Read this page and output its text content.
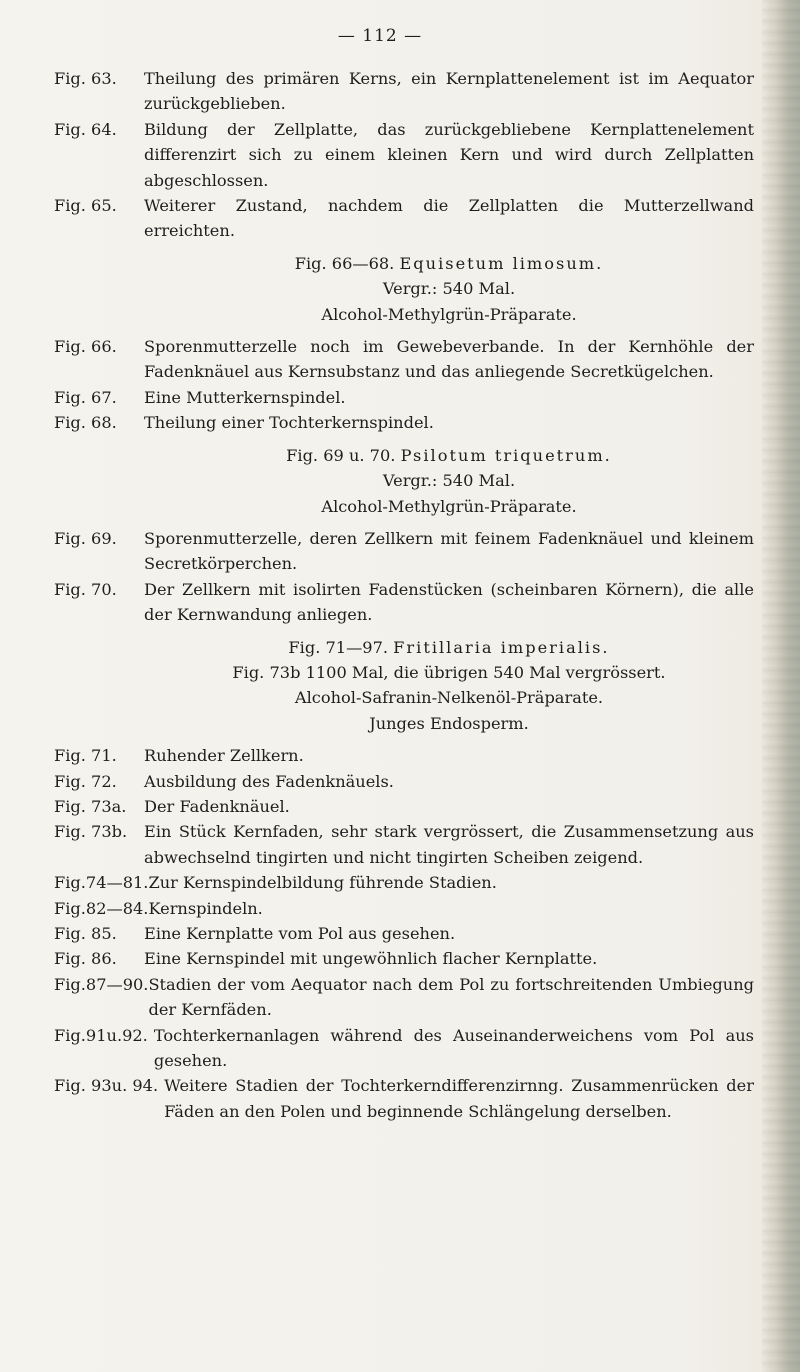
— 112 —
Fig. 63.	Theilung des primären Kerns, ein Kernplattenelement ist im Aequator zurückgeblieben.
Fig. 64.	Bildung der Zellplatte, das zurückgebliebene Kernplattenelement differenzirt sich zu einem kleinen Kern und wird durch Zellplatten abgeschlossen.
Fig. 65.	Weiterer Zustand, nachdem die Zellplatten die Mutterzellwand erreichten.
Fig. 66—68. Equisetum limosum.
Vergr.: 540 Mal.
Alcohol-Methylgrün-Präparate.
Fig. 66.	Sporenmutterzelle noch im Gewebeverbande. In der Kernhöhle der Fadenknäuel aus Kernsubstanz und das anliegende Secretkügelchen.
Fig. 67.	Eine Mutterkernspindel.
Fig. 68.	Theilung einer Tochterkernspindel.
Fig. 69 u. 70. Psilotum triquetrum.
Vergr.: 540 Mal.
Alcohol-Methylgrün-Präparate.
Fig. 69.	Sporenmutterzelle, deren Zellkern mit feinem Fadenknäuel und kleinem Secretkörperchen.
Fig. 70.	Der Zellkern mit isolirten Fadenstücken (scheinbaren Körnern), die alle der Kernwandung anliegen.
Fig. 71—97. Fritillaria imperialis.
Fig. 73b 1100 Mal, die übrigen 540 Mal vergrössert.
Alcohol-Safranin-Nelkenöl-Präparate.
Junges Endosperm.
Fig. 71.	Ruhender Zellkern.
Fig. 72.	Ausbildung des Fadenknäuels.
Fig. 73a.	Der Fadenknäuel.
Fig. 73b.	Ein Stück Kernfaden, sehr stark vergrössert, die Zusammensetzung aus abwechselnd tingirten und nicht tingirten Scheiben zeigend.
Fig.74—81. Zur Kernspindelbildung führende Stadien.
Fig.82—84. Kernspindeln.
Fig. 85.	Eine Kernplatte vom Pol aus gesehen.
Fig. 86.	Eine Kernspindel mit ungewöhnlich flacher Kernplatte.
Fig.87—90. Stadien der vom Aequator nach dem Pol zu fortschreitenden Umbiegung der Kernfäden.
Fig.91u.92. Tochterkernanlagen während des Auseinanderweichens vom Pol aus gesehen.
Fig. 93u. 94. Weitere Stadien der Tochterkerndifferenzirnng. Zusammenrücken der Fäden an den Polen und beginnende Schlängelung derselben.
